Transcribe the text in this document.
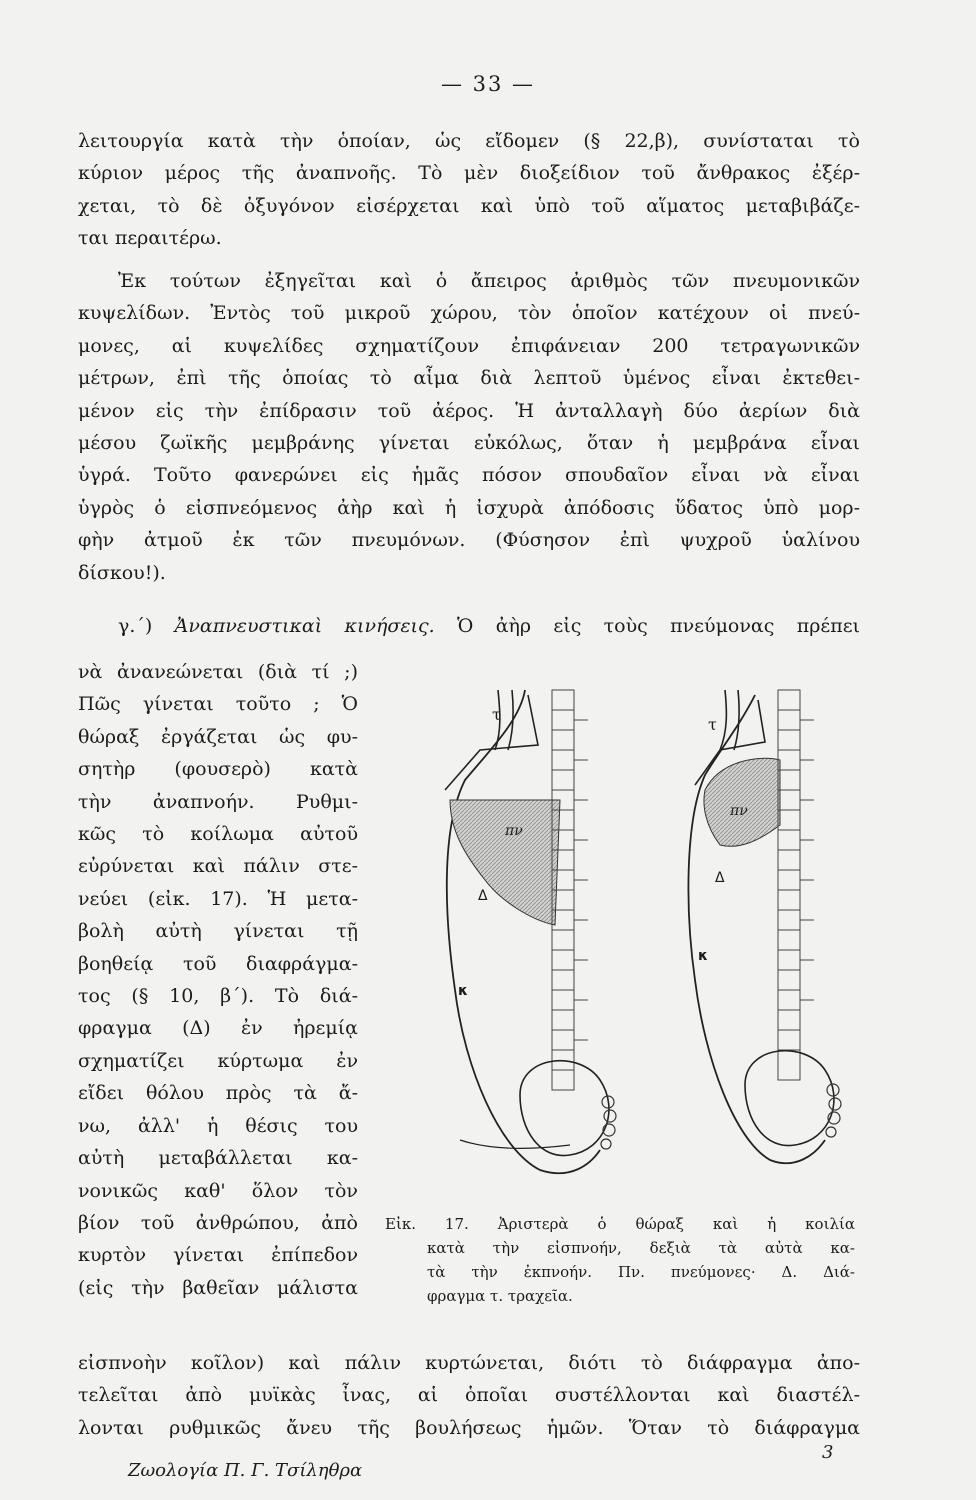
— 33 —
λειτουργία κατὰ τὴν ὁποίαν, ὡς εἴδομεν (§ 22,β), συνίσταται τὸ
κύριον μέρος τῆς ἀναπνοῆς. Τὸ μὲν διοξείδιον τοῦ ἄνθρακος ἐξέρ-
χεται, τὸ δὲ ὀξυγόνον εἰσέρχεται καὶ ὑπὸ τοῦ αἵματος μεταβιβάζε-
ται περαιτέρω.
Ἐκ τούτων ἐξηγεῖται καὶ ὁ ἄπειρος ἀριθμὸς τῶν πνευμονικῶν
κυψελίδων. Ἐντὸς τοῦ μικροῦ χώρου, τὸν ὁποῖον κατέχουν οἱ πνεύ-
μονες, αἱ κυψελίδες σχηματίζουν ἐπιφάνειαν 200 τετραγωνικῶν
μέτρων, ἐπὶ τῆς ὁποίας τὸ αἷμα διὰ λεπτοῦ ὑμένος εἶναι ἐκτεθει-
μένον εἰς τὴν ἐπίδρασιν τοῦ ἀέρος. Ἡ ἀνταλλαγὴ δύο ἀερίων διὰ
μέσου ζωϊκῆς μεμβράνης γίνεται εὐκόλως, ὅταν ἡ μεμβράνα εἶναι
ὑγρά. Τοῦτο φανερώνει εἰς ἡμᾶς πόσον σπουδαῖον εἶναι νὰ εἶναι
ὑγρὸς ὁ εἰσπνεόμενος ἀὴρ καὶ ἡ ἰσχυρὰ ἀπόδοσις ὕδατος ὑπὸ μορ-
φὴν ἀτμοῦ ἐκ τῶν πνευμόνων. (Φύσησον ἐπὶ ψυχροῦ ὑαλίνου
δίσκου!).
γ.΄) Ἀναπνευστικαὶ κινήσεις. Ὁ ἀὴρ εἰς τοὺς πνεύμονας πρέπει
νὰ ἀνανεώνεται (διὰ τί ;)
Πῶς γίνεται τοῦτο ; Ὁ
θώραξ ἐργάζεται ὡς φυ-
σητὴρ (φουσερὸ) κατὰ
τὴν ἀναπνοήν. Ρυθμι-
κῶς τὸ κοίλωμα αὐτοῦ
εὐρύνεται καὶ πάλιν στε-
νεύει (εἰκ. 17). Ἡ μετα-
βολὴ αὐτὴ γίνεται τῇ
βοηθείᾳ τοῦ διαφράγμα-
τος (§ 10, β΄). Τὸ διά-
φραγμα (Δ) ἐν ἠρεμίᾳ
σχηματίζει κύρτωμα ἐν
εἴδει θόλου πρὸς τὰ ἄ-
νω, ἀλλ' ἡ θέσις του
αὐτὴ μεταβάλλεται κα-
νονικῶς καθ' ὅλον τὸν
βίον τοῦ ἀνθρώπου, ἀπὸ
κυρτὸν γίνεται ἐπίπεδον
(εἰς τὴν βαθεῖαν μάλιστα
τ
πν
Δ
κ
τ
πν
Δ
κ
Εἰκ. 17. Ἀριστερὰ ὁ θώραξ καὶ ἡ κοιλία
κατὰ τὴν εἰσπνοήν, δεξιὰ τὰ αὐτὰ κα-
τὰ τὴν ἐκπνοήν. Πν. πνεύμονες· Δ. Διά-
φραγμα τ. τραχεῖα.
εἰσπνοὴν κοῖλον) καὶ πάλιν κυρτώνεται, διότι τὸ διάφραγμα ἀπο-
τελεῖται ἀπὸ μυϊκὰς ἶνας, αἱ ὁποῖαι συστέλλονται καὶ διαστέλ-
λονται ρυθμικῶς ἄνευ τῆς βουλήσεως ἡμῶν. Ὅταν τὸ διάφραγμα
3
Ζωολογία Π. Γ. Τσίληθρα
